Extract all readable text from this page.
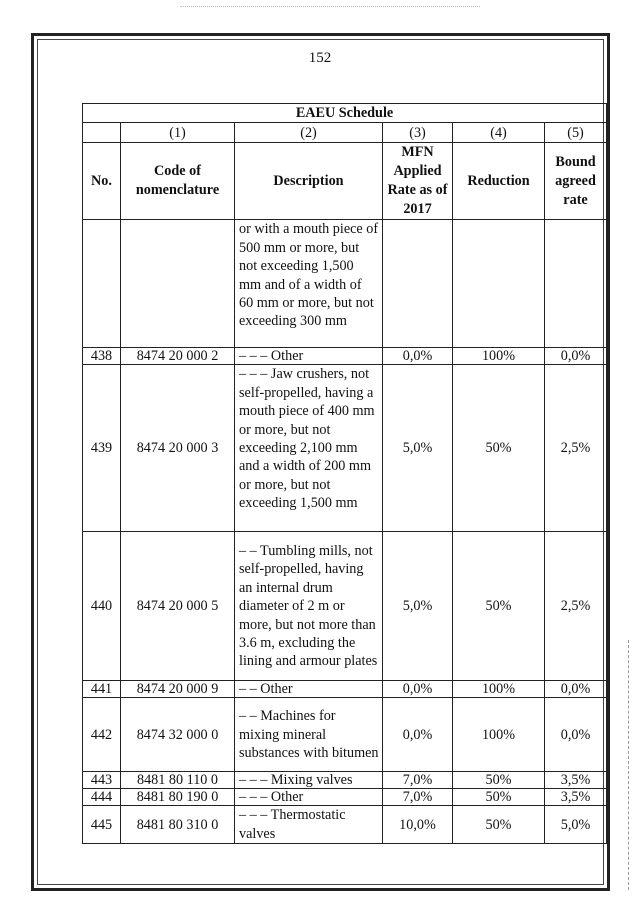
152
EAEU Schedule					
	(1)	(2)	(3)	(4)	(5)
No.	Code of nomenclature	Description	MFN Applied Rate as of 2017	Reduction	Bound agreed rate
		or with a mouth piece of 500 mm or more, but not exceeding 1,500 mm and of a width of 60 mm or more, but not exceeding 300 mm			
438	8474 20 000 2	– – – Other	0,0%	100%	0,0%
439	8474 20 000 3	– – – Jaw crushers, not self-propelled, having a mouth piece of 400 mm or more, but not exceeding 2,100 mm and a width of 200 mm or more, but not exceeding 1,500 mm	5,0%	50%	2,5%
440	8474 20 000 5	– – Tumbling mills, not self-propelled, having an internal drum diameter of 2 m or more, but not more than 3.6 m, excluding the lining and armour plates	5,0%	50%	2,5%
441	8474 20 000 9	– – Other	0,0%	100%	0,0%
442	8474 32 000 0	– – Machines for mixing mineral substances with bitumen	0,0%	100%	0,0%
443	8481 80 110 0	– – – Mixing valves	7,0%	50%	3,5%
444	8481 80 190 0	– – – Other	7,0%	50%	3,5%
445	8481 80 310 0	– – – Thermostatic valves	10,0%	50%	5,0%
